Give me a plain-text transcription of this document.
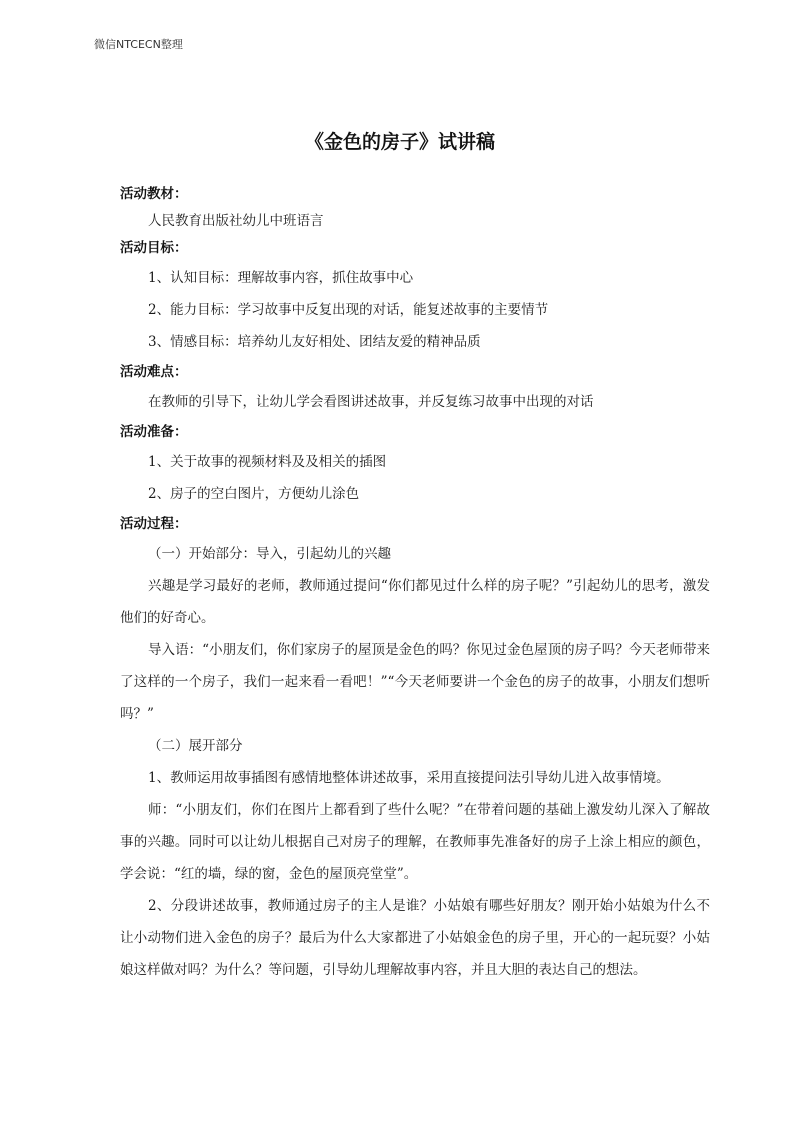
微信NTCECN整理
《金色的房子》试讲稿

活动教材：

人民教育出版社幼儿中班语言

活动目标：

1、认知目标：理解故事内容，抓住故事中心

2、能力目标：学习故事中反复出现的对话，能复述故事的主要情节

3、情感目标：培养幼儿友好相处、团结友爱的精神品质

活动难点：

在教师的引导下，让幼儿学会看图讲述故事，并反复练习故事中出现的对话

活动准备：

1、关于故事的视频材料及及相关的插图

2、房子的空白图片，方便幼儿涂色

活动过程：

（一）开始部分：导入，引起幼儿的兴趣

兴趣是学习最好的老师，教师通过提问“你们都见过什么样的房子呢？”引起幼儿的思考，激发他们的好奇心。

导入语：“小朋友们，你们家房子的屋顶是金色的吗？你见过金色屋顶的房子吗？今天老师带来了这样的一个房子，我们一起来看一看吧！”“今天老师要讲一个金色的房子的故事，小朋友们想听吗？”

（二）展开部分

1、教师运用故事插图有感情地整体讲述故事，采用直接提问法引导幼儿进入故事情境。

师：“小朋友们，你们在图片上都看到了些什么呢？”在带着问题的基础上激发幼儿深入了解故事的兴趣。同时可以让幼儿根据自己对房子的理解，在教师事先准备好的房子上涂上相应的颜色，学会说：“红的墙，绿的窗，金色的屋顶亮堂堂”。

2、分段讲述故事，教师通过房子的主人是谁？小姑娘有哪些好朋友？刚开始小姑娘为什么不让小动物们进入金色的房子？最后为什么大家都进了小姑娘金色的房子里，开心的一起玩耍？小姑娘这样做对吗？为什么？等问题，引导幼儿理解故事内容，并且大胆的表达自己的想法。
